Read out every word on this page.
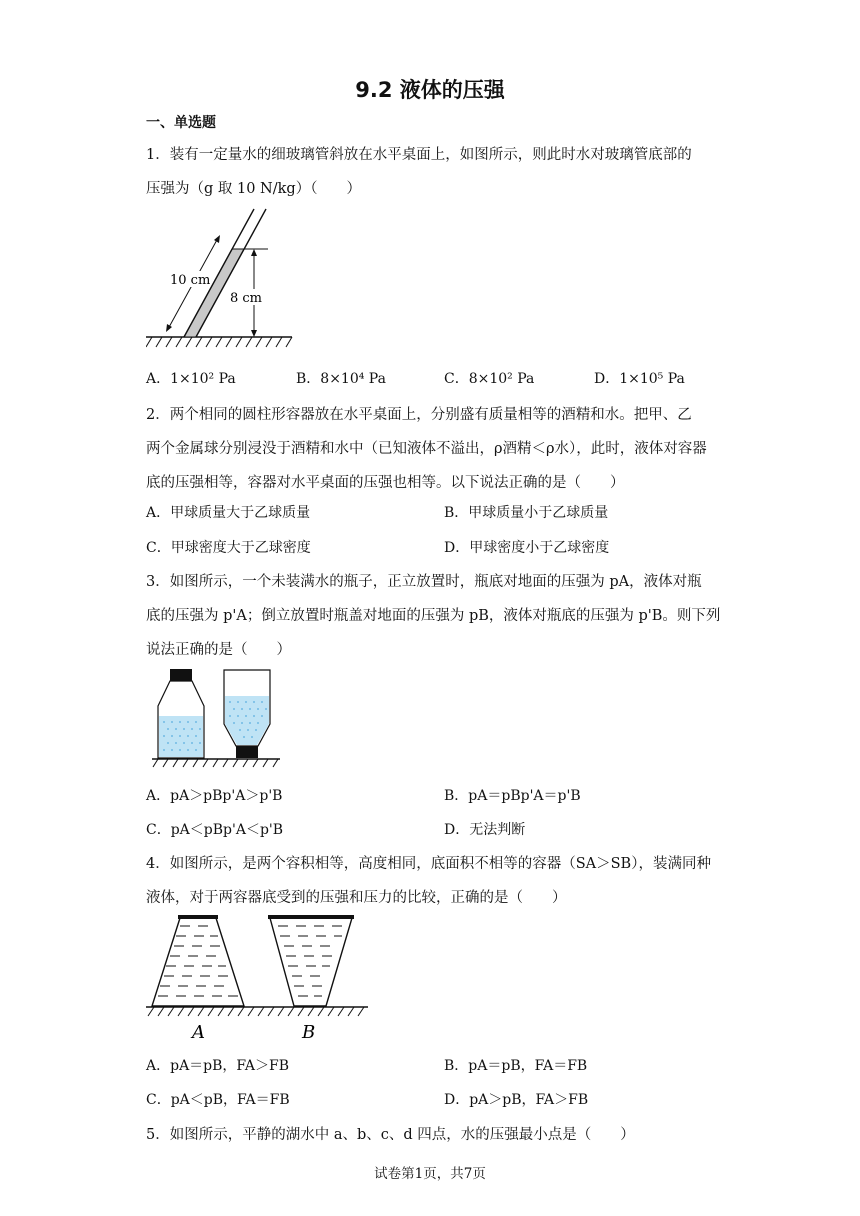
9.2 液体的压强
一、单选题
1．装有一定量水的细玻璃管斜放在水平桌面上，如图所示，则此时水对玻璃管底部的
压强为（g 取 10 N/kg）（　　）
10 cm
8 cm
A．1×10² Pa	B．8×10⁴ Pa	C．8×10² Pa	D．1×10⁵ Pa
2．两个相同的圆柱形容器放在水平桌面上，分别盛有质量相等的酒精和水。把甲、乙
两个金属球分别浸没于酒精和水中（已知液体不溢出，ρ酒精＜ρ水），此时，液体对容器
底的压强相等，容器对水平桌面的压强也相等。以下说法正确的是（　　）
A．甲球质量大于乙球质量	B．甲球质量小于乙球质量
C．甲球密度大于乙球密度	D．甲球密度小于乙球密度
3．如图所示，一个未装满水的瓶子，正立放置时，瓶底对地面的压强为 pA，液体对瓶
底的压强为 p'A；倒立放置时瓶盖对地面的压强为 pB，液体对瓶底的压强为 p'B。则下列
说法正确的是（　　）
A．pA＞pBp'A＞p'B	B．pA＝pBp'A＝p'B
C．pA＜pBp'A＜p'B	D．无法判断
4．如图所示，是两个容积相等，高度相同，底面积不相等的容器（SA＞SB），装满同种
液体，对于两容器底受到的压强和压力的比较，正确的是（　　）
A	B
A．pA＝pB，FA＞FB	B．pA＝pB，FA＝FB
C．pA＜pB，FA＝FB	D．pA＞pB，FA＞FB
5．如图所示，平静的湖水中 a、b、c、d 四点，水的压强最小点是（　　）
试卷第1页，共7页
